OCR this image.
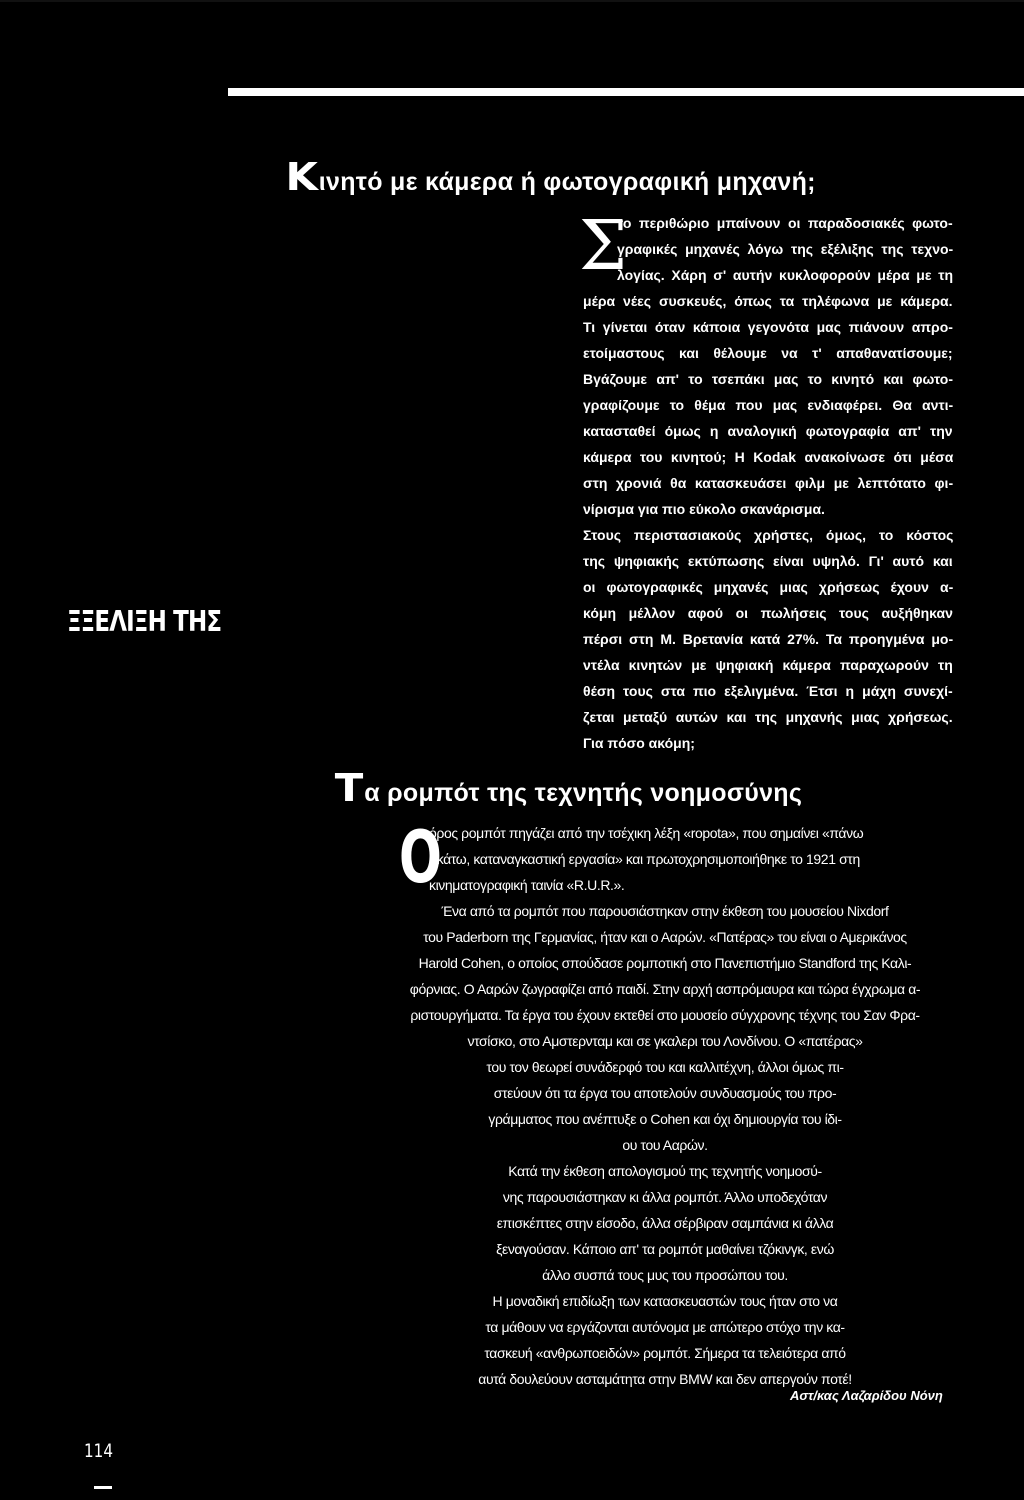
ΞΞΕΛΙΞΗ ΤΗΣ
Κινητό με κάμερα ή φωτογραφική μηχανή;
Σ
το περιθώριο μπαίνουν οι παραδοσιακές φωτο-
γραφικές μηχανές λόγω της εξέλιξης της τεχνο-
λογίας. Χάρη σ' αυτήν κυκλοφορούν μέρα με τη
μέρα νέες συσκευές, όπως τα τηλέφωνα με κάμερα.
Τι γίνεται όταν κάποια γεγονότα μας πιάνουν απρο-
ετοίμαστους και θέλουμε να τ' απαθανατίσουμε;
Βγάζουμε απ' το τσεπάκι μας το κινητό και φωτο-
γραφίζουμε το θέμα που μας ενδιαφέρει. Θα αντι-
κατασταθεί όμως η αναλογική φωτογραφία απ' την
κάμερα του κινητού; Η Kodak ανακοίνωσε ότι μέσα
στη χρονιά θα κατασκευάσει φιλμ με λεπτότατο φι-
νίρισμα για πιο εύκολο σκανάρισμα.
Στους περιστασιακούς χρήστες, όμως, το κόστος
της ψηφιακής εκτύπωσης είναι υψηλό. Γι' αυτό και
οι φωτογραφικές μηχανές μιας χρήσεως έχουν α-
κόμη μέλλον αφού οι πωλήσεις τους αυξήθηκαν
πέρσι στη Μ. Βρετανία κατά 27%. Τα προηγμένα μο-
ντέλα κινητών με ψηφιακή κάμερα παραχωρούν τη
θέση τους στα πιο εξελιγμένα. Έτσι η μάχη συνεχί-
ζεται μεταξύ αυτών και της μηχανής μιας χρήσεως.
Για πόσο ακόμη;
Τα ρομπότ της τεχνητής νοημοσύνης
Ο
όρος ρομπότ πηγάζει από την τσέχικη λέξη «ropota», που σημαίνει «πάνω
- κάτω, καταναγκαστική εργασία» και πρωτοχρησιμοποιήθηκε το 1921 στη
κινηματογραφική ταινία «R.U.R.».
Ένα από τα ρομπότ που παρουσιάστηκαν στην έκθεση του μουσείου Nixdorf
του Paderborn της Γερμανίας, ήταν και ο Ααρών. «Πατέρας» του είναι ο Αμερικάνος
Harold Cohen, ο οποίος σπούδασε ρομποτική στο Πανεπιστήμιο Standford της Καλι-
φόρνιας. Ο Ααρών ζωγραφίζει από παιδί. Στην αρχή ασπρόμαυρα και τώρα έγχρωμα α-
ριστουργήματα. Τα έργα του έχουν εκτεθεί στο μουσείο σύγχρονης τέχνης του Σαν Φρα-
ντσίσκο, στο Αμστερνταμ και σε γκαλερι του Λονδίνου. Ο «πατέρας»
του τον θεωρεί συνάδερφό του και καλλιτέχνη, άλλοι όμως πι-
στεύουν ότι τα έργα του αποτελούν συνδυασμούς του προ-
γράμματος που ανέπτυξε ο Cohen και όχι δημιουργία του ίδι-
ου του Ααρών.
Κατά την έκθεση απολογισμού της τεχνητής νοημοσύ-
νης παρουσιάστηκαν κι άλλα ρομπότ. Άλλο υποδεχόταν
επισκέπτες στην είσοδο, άλλα σέρβιραν σαμπάνια κι άλλα
ξεναγούσαν. Κάποιο απ' τα ρομπότ μαθαίνει τζόκινγκ, ενώ
άλλο συσπά τους μυς του προσώπου του.
Η μοναδική επιδίωξη των κατασκευαστών τους ήταν στο να
τα μάθουν να εργάζονται αυτόνομα με απώτερο στόχο την κα-
τασκευή «ανθρωποειδών» ρομπότ. Σήμερα τα τελειότερα από
αυτά δουλεύουν ασταμάτητα στην BMW και δεν απεργούν ποτέ!
Αστ/κας Λαζαρίδου Νόνη
114
